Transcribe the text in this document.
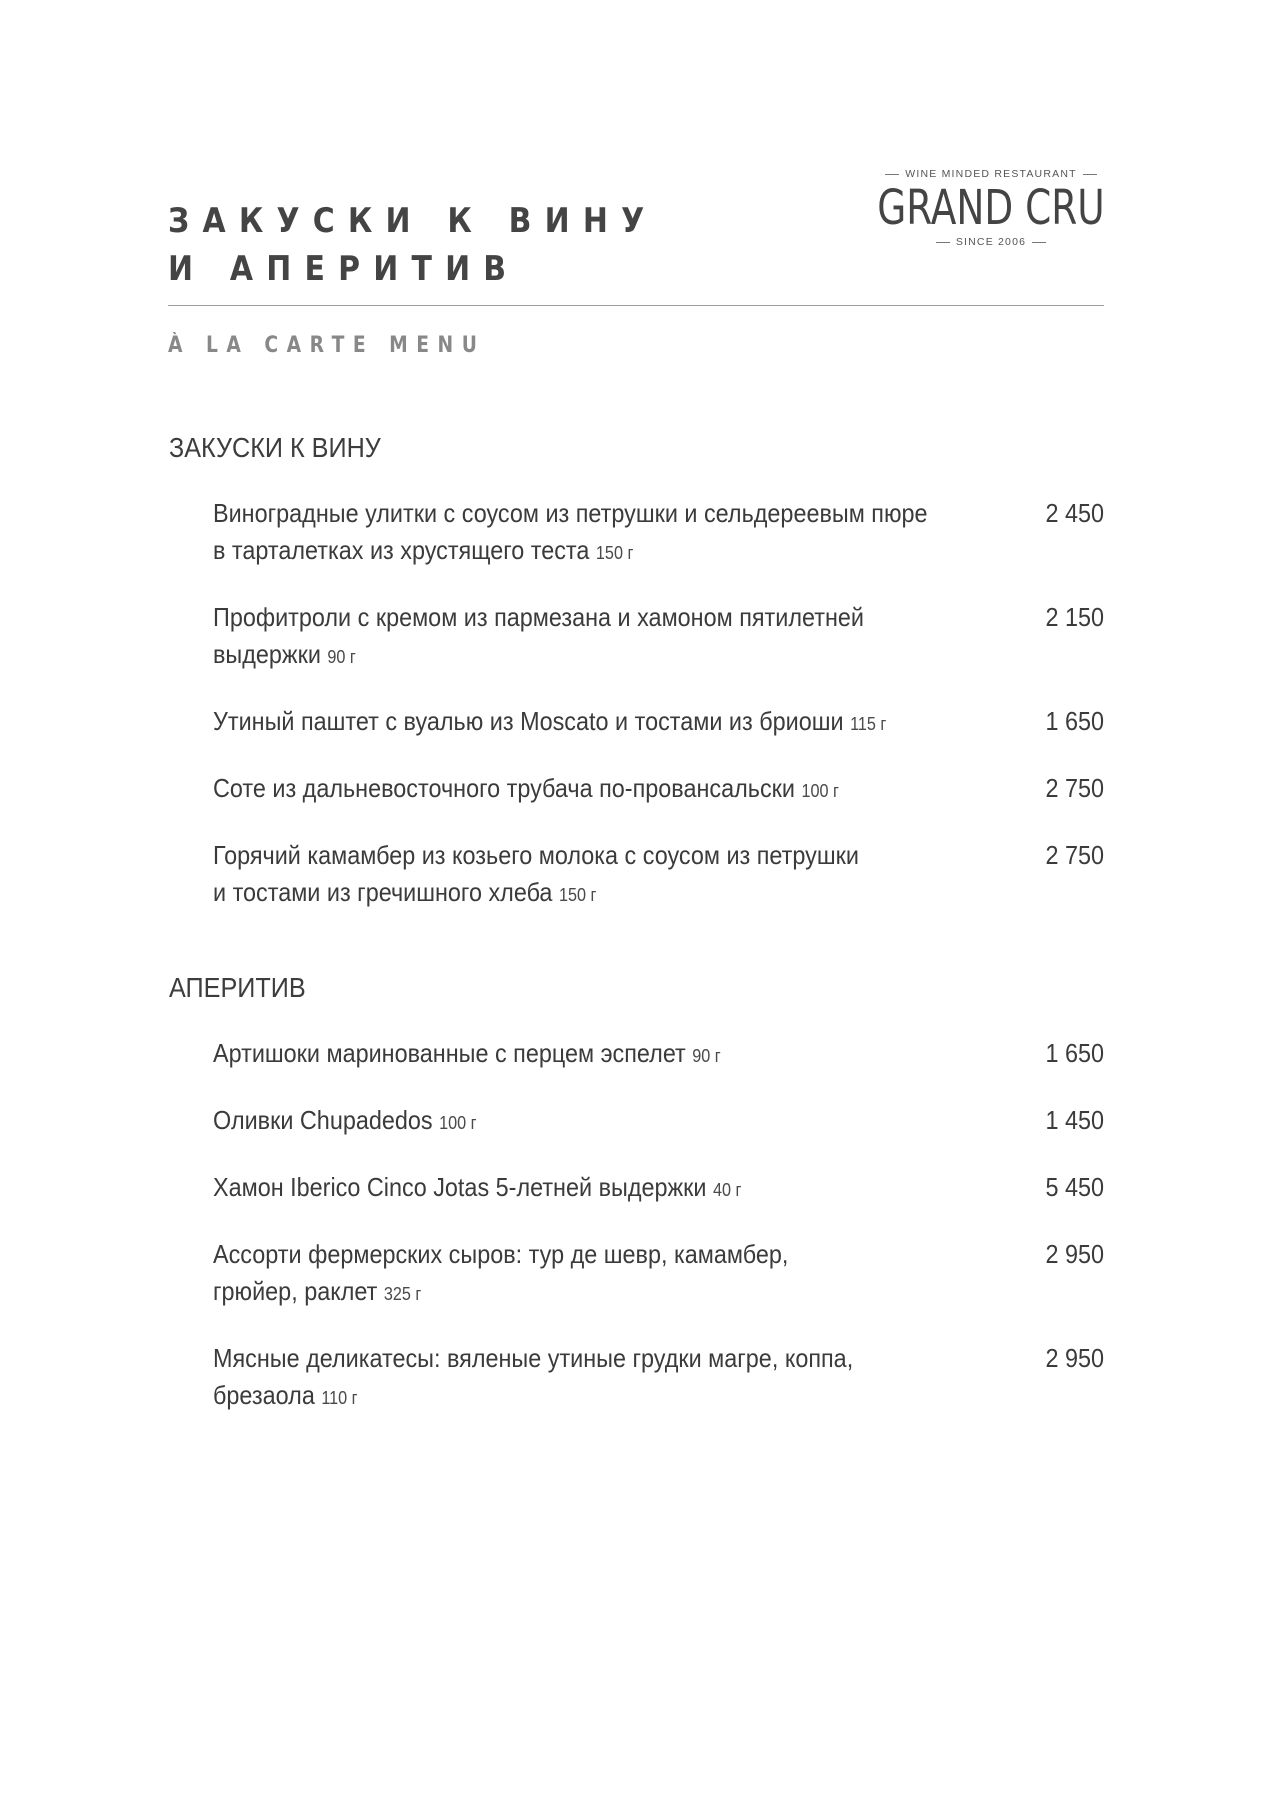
ЗАКУСКИ К ВИНУ
И АПЕРИТИВ
WINE MINDED RESTAURANT
GRAND CRU
SINCE 2006
À LA CARTE MENU
ЗАКУСКИ К ВИНУ
Виноградные улитки с соусом из петрушки и сельдереевым пюре
в тарталетках из хрустящего теста 150 г
2 450
Профитроли с кремом из пармезана и хамоном пятилетней
выдержки 90 г
2 150
Утиный паштет с вуалью из Moscato и тостами из бриоши 115 г	1 650
Соте из дальневосточного трубача по-провансальски 100 г	2 750
Горячий камамбер из козьего молока с соусом из петрушки
и тостами из гречишного хлеба 150 г
2 750
АПЕРИТИВ
Артишоки маринованные с перцем эспелет 90 г	1 650
Оливки Chupadedos 100 г	1 450
Хамон Iberico Cinco Jotas 5-летней выдержки 40 г	5 450
Ассорти фермерских сыров: тур де шевр, камамбер,
грюйер, раклет 325 г
2 950
Мясные деликатесы: вяленые утиные грудки магре, коппа,
брезаола 110 г
2 950
